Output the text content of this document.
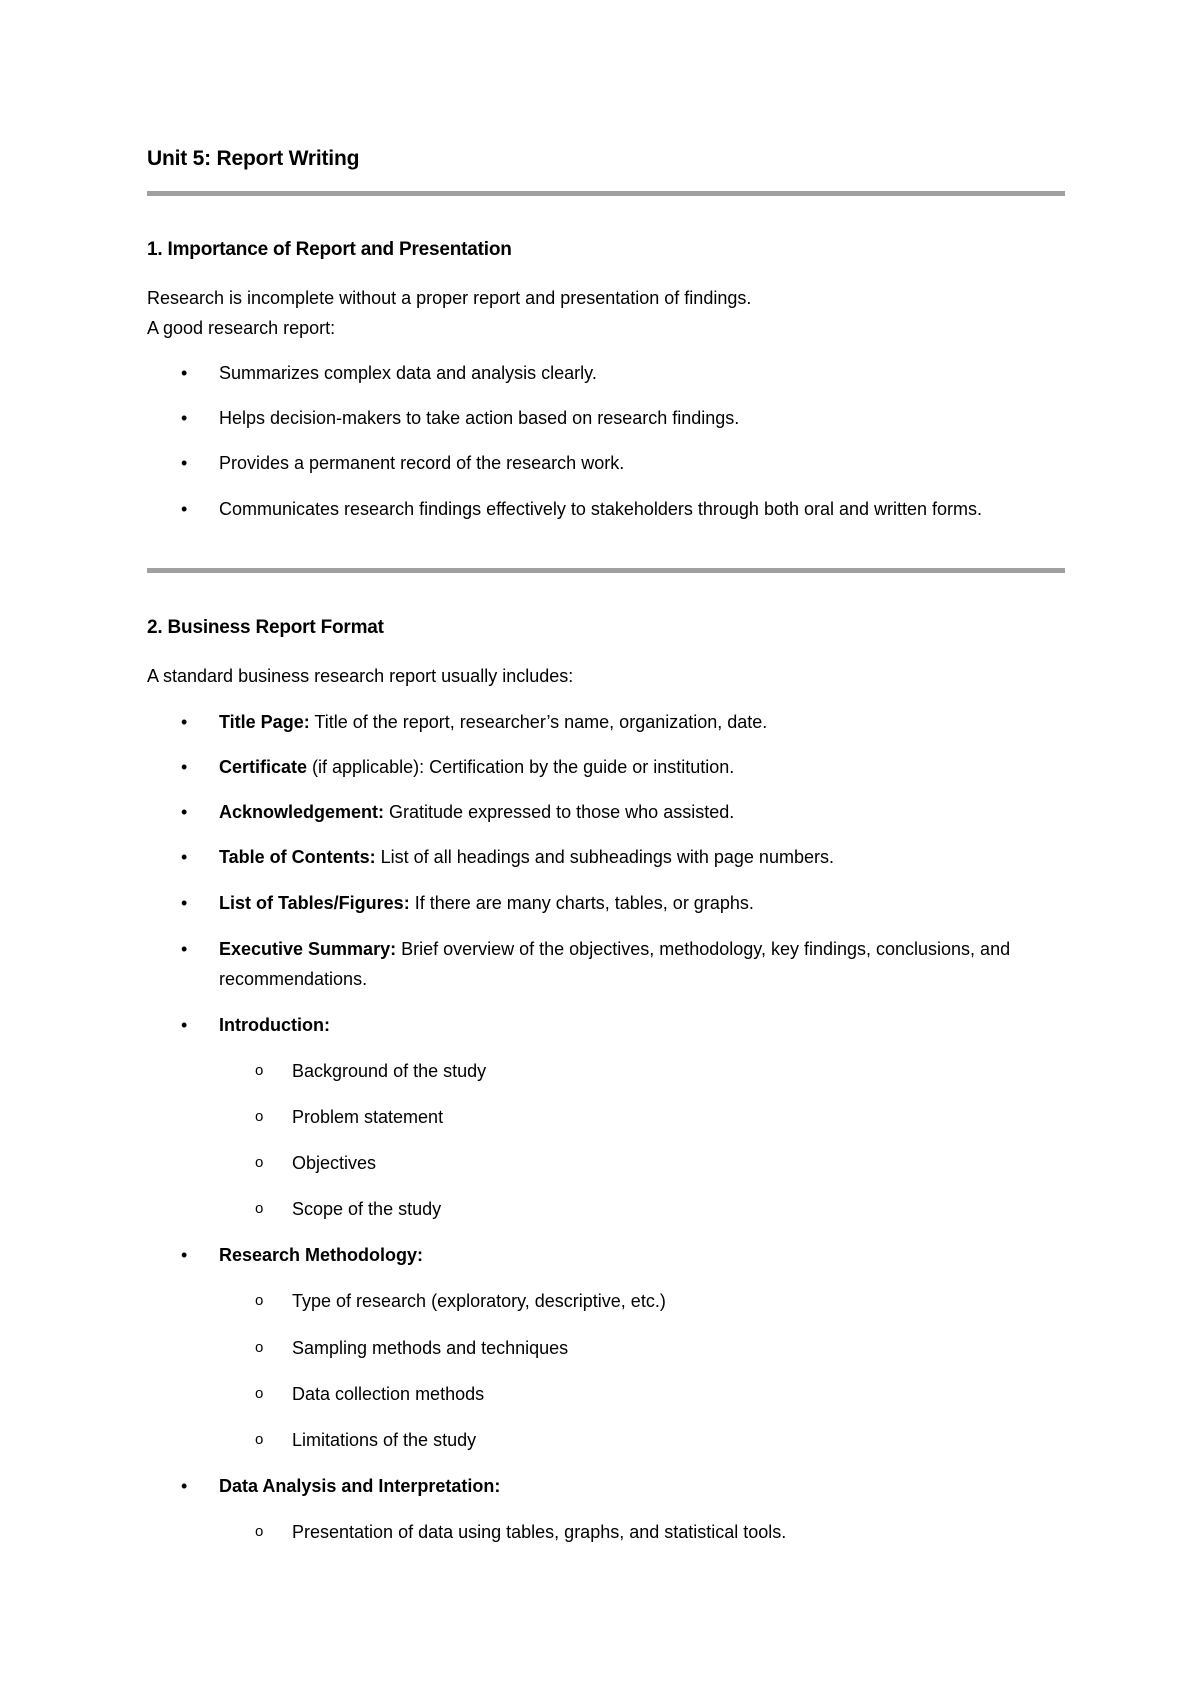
Unit 5: Report Writing
1. Importance of Report and Presentation
Research is incomplete without a proper report and presentation of findings.
A good research report:
• Summarizes complex data and analysis clearly.
• Helps decision-makers to take action based on research findings.
• Provides a permanent record of the research work.
• Communicates research findings effectively to stakeholders through both oral and written forms.
2. Business Report Format
A standard business research report usually includes:
• Title Page: Title of the report, researcher’s name, organization, date.
• Certificate (if applicable): Certification by the guide or institution.
• Acknowledgement: Gratitude expressed to those who assisted.
• Table of Contents: List of all headings and subheadings with page numbers.
• List of Tables/Figures: If there are many charts, tables, or graphs.
• Executive Summary: Brief overview of the objectives, methodology, key findings, conclusions, and recommendations.
• Introduction:
o Background of the study
o Problem statement
o Objectives
o Scope of the study
• Research Methodology:
o Type of research (exploratory, descriptive, etc.)
o Sampling methods and techniques
o Data collection methods
o Limitations of the study
• Data Analysis and Interpretation:
o Presentation of data using tables, graphs, and statistical tools.
